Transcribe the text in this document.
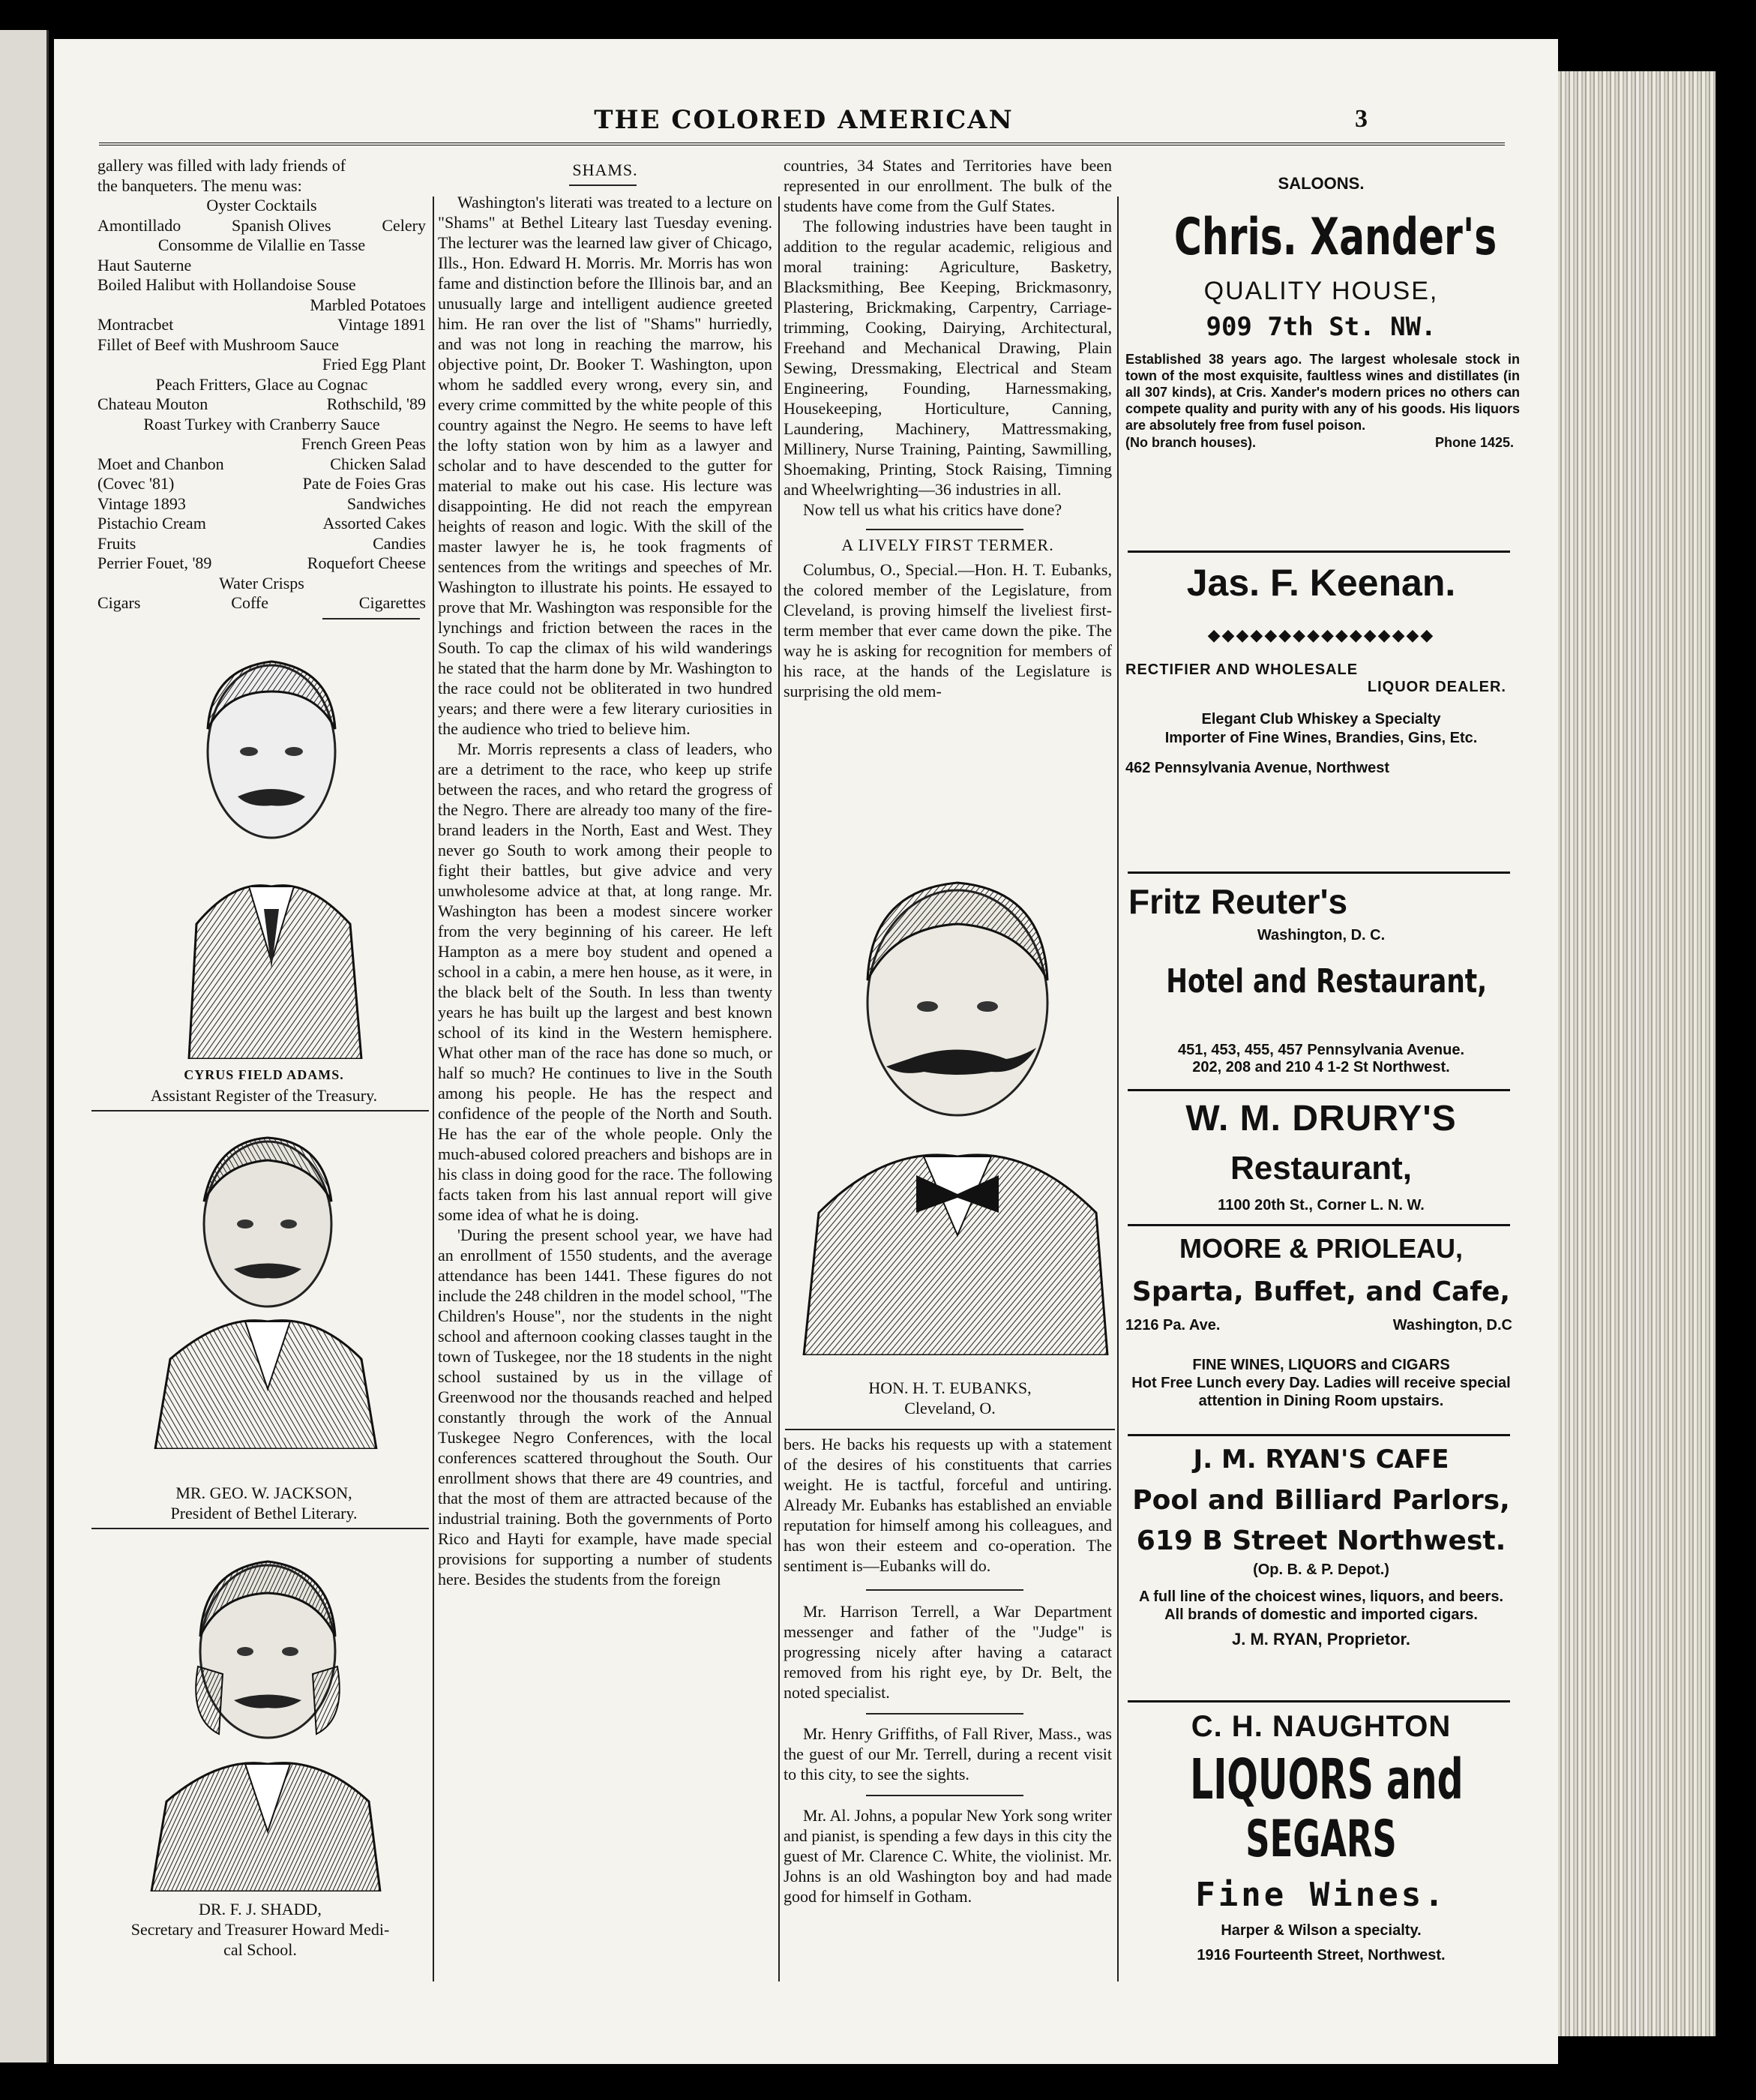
THE COLORED AMERICAN	3
gallery was filled with lady friends of
the banqueters. The menu was:
Oyster Cocktails
Amontillado	Spanish Olives	Celery
Consomme de Vilallie en Tasse
Haut Sauterne
Boiled Halibut with Hollandoise Souse
Marbled Potatoes
Montracbet	Vintage 1891
Fillet of Beef with Mushroom Sauce
Fried Egg Plant
Peach Fritters, Glace au Cognac
Chateau Mouton	Rothschild, '89
Roast Turkey with Cranberry Sauce
French Green Peas
Moet and Chanbon	Chicken Salad
(Covec '81)	Pate de Foies Gras
Vintage 1893	Sandwiches
Pistachio Cream	Assorted Cakes
Fruits	Candies
Perrier Fouet, '89	Roquefort Cheese
Water Crisps
Cigars	Coffe	Cigarettes
CYRUS FIELD ADAMS.
Assistant Register of the Treasury.
MR. GEO. W. JACKSON,
President of Bethel Literary.
DR. F. J. SHADD,
Secretary and Treasurer Howard Medi-
cal School.
SHAMS.

Washington's literati was treated to a lecture on "Shams" at Bethel Liteary last Tuesday evening. The lecturer was the learned law giver of Chicago, Ills., Hon. Edward H. Morris. Mr. Morris has won fame and distinction before the Illinois bar, and an unusually large and intelligent audience greeted him. He ran over the list of "Shams" hurriedly, and was not long in reaching the marrow, his objective point, Dr. Booker T. Washington, upon whom he saddled every wrong, every sin, and every crime committed by the white people of this country against the Negro. He seems to have left the lofty station won by him as a lawyer and scholar and to have descended to the gutter for material to make out his case. His lecture was disappointing. He did not reach the empyrean heights of reason and logic. With the skill of the master lawyer he is, he took fragments of sentences from the writings and speeches of Mr. Washington to illustrate his points. He essayed to prove that Mr. Washington was responsible for the lynchings and friction between the races in the South. To cap the climax of his wild wanderings he stated that the harm done by Mr. Washington to the race could not be obliterated in two hundred years; and there were a few literary curiosities in the audience who tried to believe him.

Mr. Morris represents a class of leaders, who are a detriment to the race, who keep up strife between the races, and who retard the grogress of the Negro. There are already too many of the fire-brand leaders in the North, East and West. They never go South to work among their people to fight their battles, but give advice and very unwholesome advice at that, at long range. Mr. Washington has been a modest sincere worker from the very beginning of his career. He left Hampton as a mere boy student and opened a school in a cabin, a mere hen house, as it were, in the black belt of the South. In less than twenty years he has built up the largest and best known school of its kind in the Western hemisphere. What other man of the race has done so much, or half so much? He continues to live in the South among his people. He has the respect and confidence of the people of the North and South. He has the ear of the whole people. Only the much-abused colored preachers and bishops are in his class in doing good for the race. The following facts taken from his last annual report will give some idea of what he is doing.

'During the present school year, we have had an enrollment of 1550 students, and the average attendance has been 1441. These figures do not include the 248 children in the model school, "The Children's House", nor the students in the night school and afternoon cooking classes taught in the town of Tuskegee, nor the 18 students in the night school sustained by us in the village of Greenwood nor the thousands reached and helped constantly through the work of the Annual Tuskegee Negro Conferences, with the local conferences scattered throughout the South. Our enrollment shows that there are 49 countries, and that the most of them are attracted because of the industrial training. Both the governments of Porto Rico and Hayti for example, have made special provisions for supporting a number of students here. Besides the students from the foreign

countries, 34 States and Territories have been represented in our enrollment. The bulk of the students have come from the Gulf States.

The following industries have been taught in addition to the regular academic, religious and moral training: Agriculture, Basketry, Blacksmithing, Bee Keeping, Brickmasonry, Plastering, Brickmaking, Carpentry, Carriage-trimming, Cooking, Dairying, Architectural, Freehand and Mechanical Drawing, Plain Sewing, Dressmaking, Electrical and Steam Engineering, Founding, Harnessmaking, Housekeeping, Horticulture, Canning, Laundering, Machinery, Mattressmaking, Millinery, Nurse Training, Painting, Sawmilling, Shoemaking, Printing, Stock Raising, Timning and Wheelwrighting—36 industries in all.

Now tell us what his critics have done?

A LIVELY FIRST TERMER.

Columbus, O., Special.—Hon. H. T. Eubanks, the colored member of the Legislature, from Cleveland, is proving himself the liveliest first-term member that ever came down the pike. The way he is asking for recognition for members of his race, at the hands of the Legislature is surprising the old mem-

HON. H. T. EUBANKS,
Cleveland, O.
bers. He backs his requests up with a statement of the desires of his constituents that carries weight. He is tactful, forceful and untiring. Already Mr. Eubanks has established an enviable reputation for himself among his colleagues, and has won their esteem and co-operation. The sentiment is—Eubanks will do.

Mr. Harrison Terrell, a War Department messenger and father of the "Judge" is progressing nicely after having a cataract removed from his right eye, by Dr. Belt, the noted specialist.

Mr. Henry Griffiths, of Fall River, Mass., was the guest of our Mr. Terrell, during a recent visit to this city, to see the sights.

Mr. Al. Johns, a popular New York song writer and pianist, is spending a few days in this city the guest of Mr. Clarence C. White, the violinist. Mr. Johns is an old Washington boy and had made good for himself in Gotham.

SALOONS.
Chris. Xander's
QUALITY HOUSE,
909 7th St. NW.
Established 38 years ago. The largest wholesale stock in town of the most exquisite, faultless wines and distillates (in all 307 kinds), at Cris. Xander's modern prices no others can compete quality and purity with any of his goods. His liquors are absolutely free from fusel poison.
(No branch houses).	Phone 1425.
Jas. F. Keenan.
◆◆◆◆◆◆◆◆◆◆◆◆◆◆◆◆
RECTIFIER AND WHOLESALE
LIQUOR DEALER.
Elegant Club Whiskey a Specialty
Importer of Fine Wines, Brandies, Gins, Etc.
462 Pennsylvania Avenue, Northwest
Fritz Reuter's
Washington, D. C.
Hotel and Restaurant,
451, 453, 455, 457 Pennsylvania Avenue.
202, 208 and 210 4 1-2 St Northwest.
W. M. DRURY'S
Restaurant,
1100 20th St., Corner L. N. W.
MOORE & PRIOLEAU,
Sparta, Buffet, and Cafe,
1216 Pa. Ave.	Washington, D.C
FINE WINES, LIQUORS and CIGARS
Hot Free Lunch every Day. Ladies will receive special attention in Dining Room upstairs.
J. M. RYAN'S CAFE
Pool and Billiard Parlors,
619 B Street Northwest.
(Op. B. & P. Depot.)
A full line of the choicest wines, liquors, and beers. All brands of domestic and imported cigars.
J. M. RYAN, Proprietor.
C. H. NAUGHTON
LIQUORS and
SEGARS
Fine Wines.
Harper & Wilson a specialty.
1916 Fourteenth Street, Northwest.
